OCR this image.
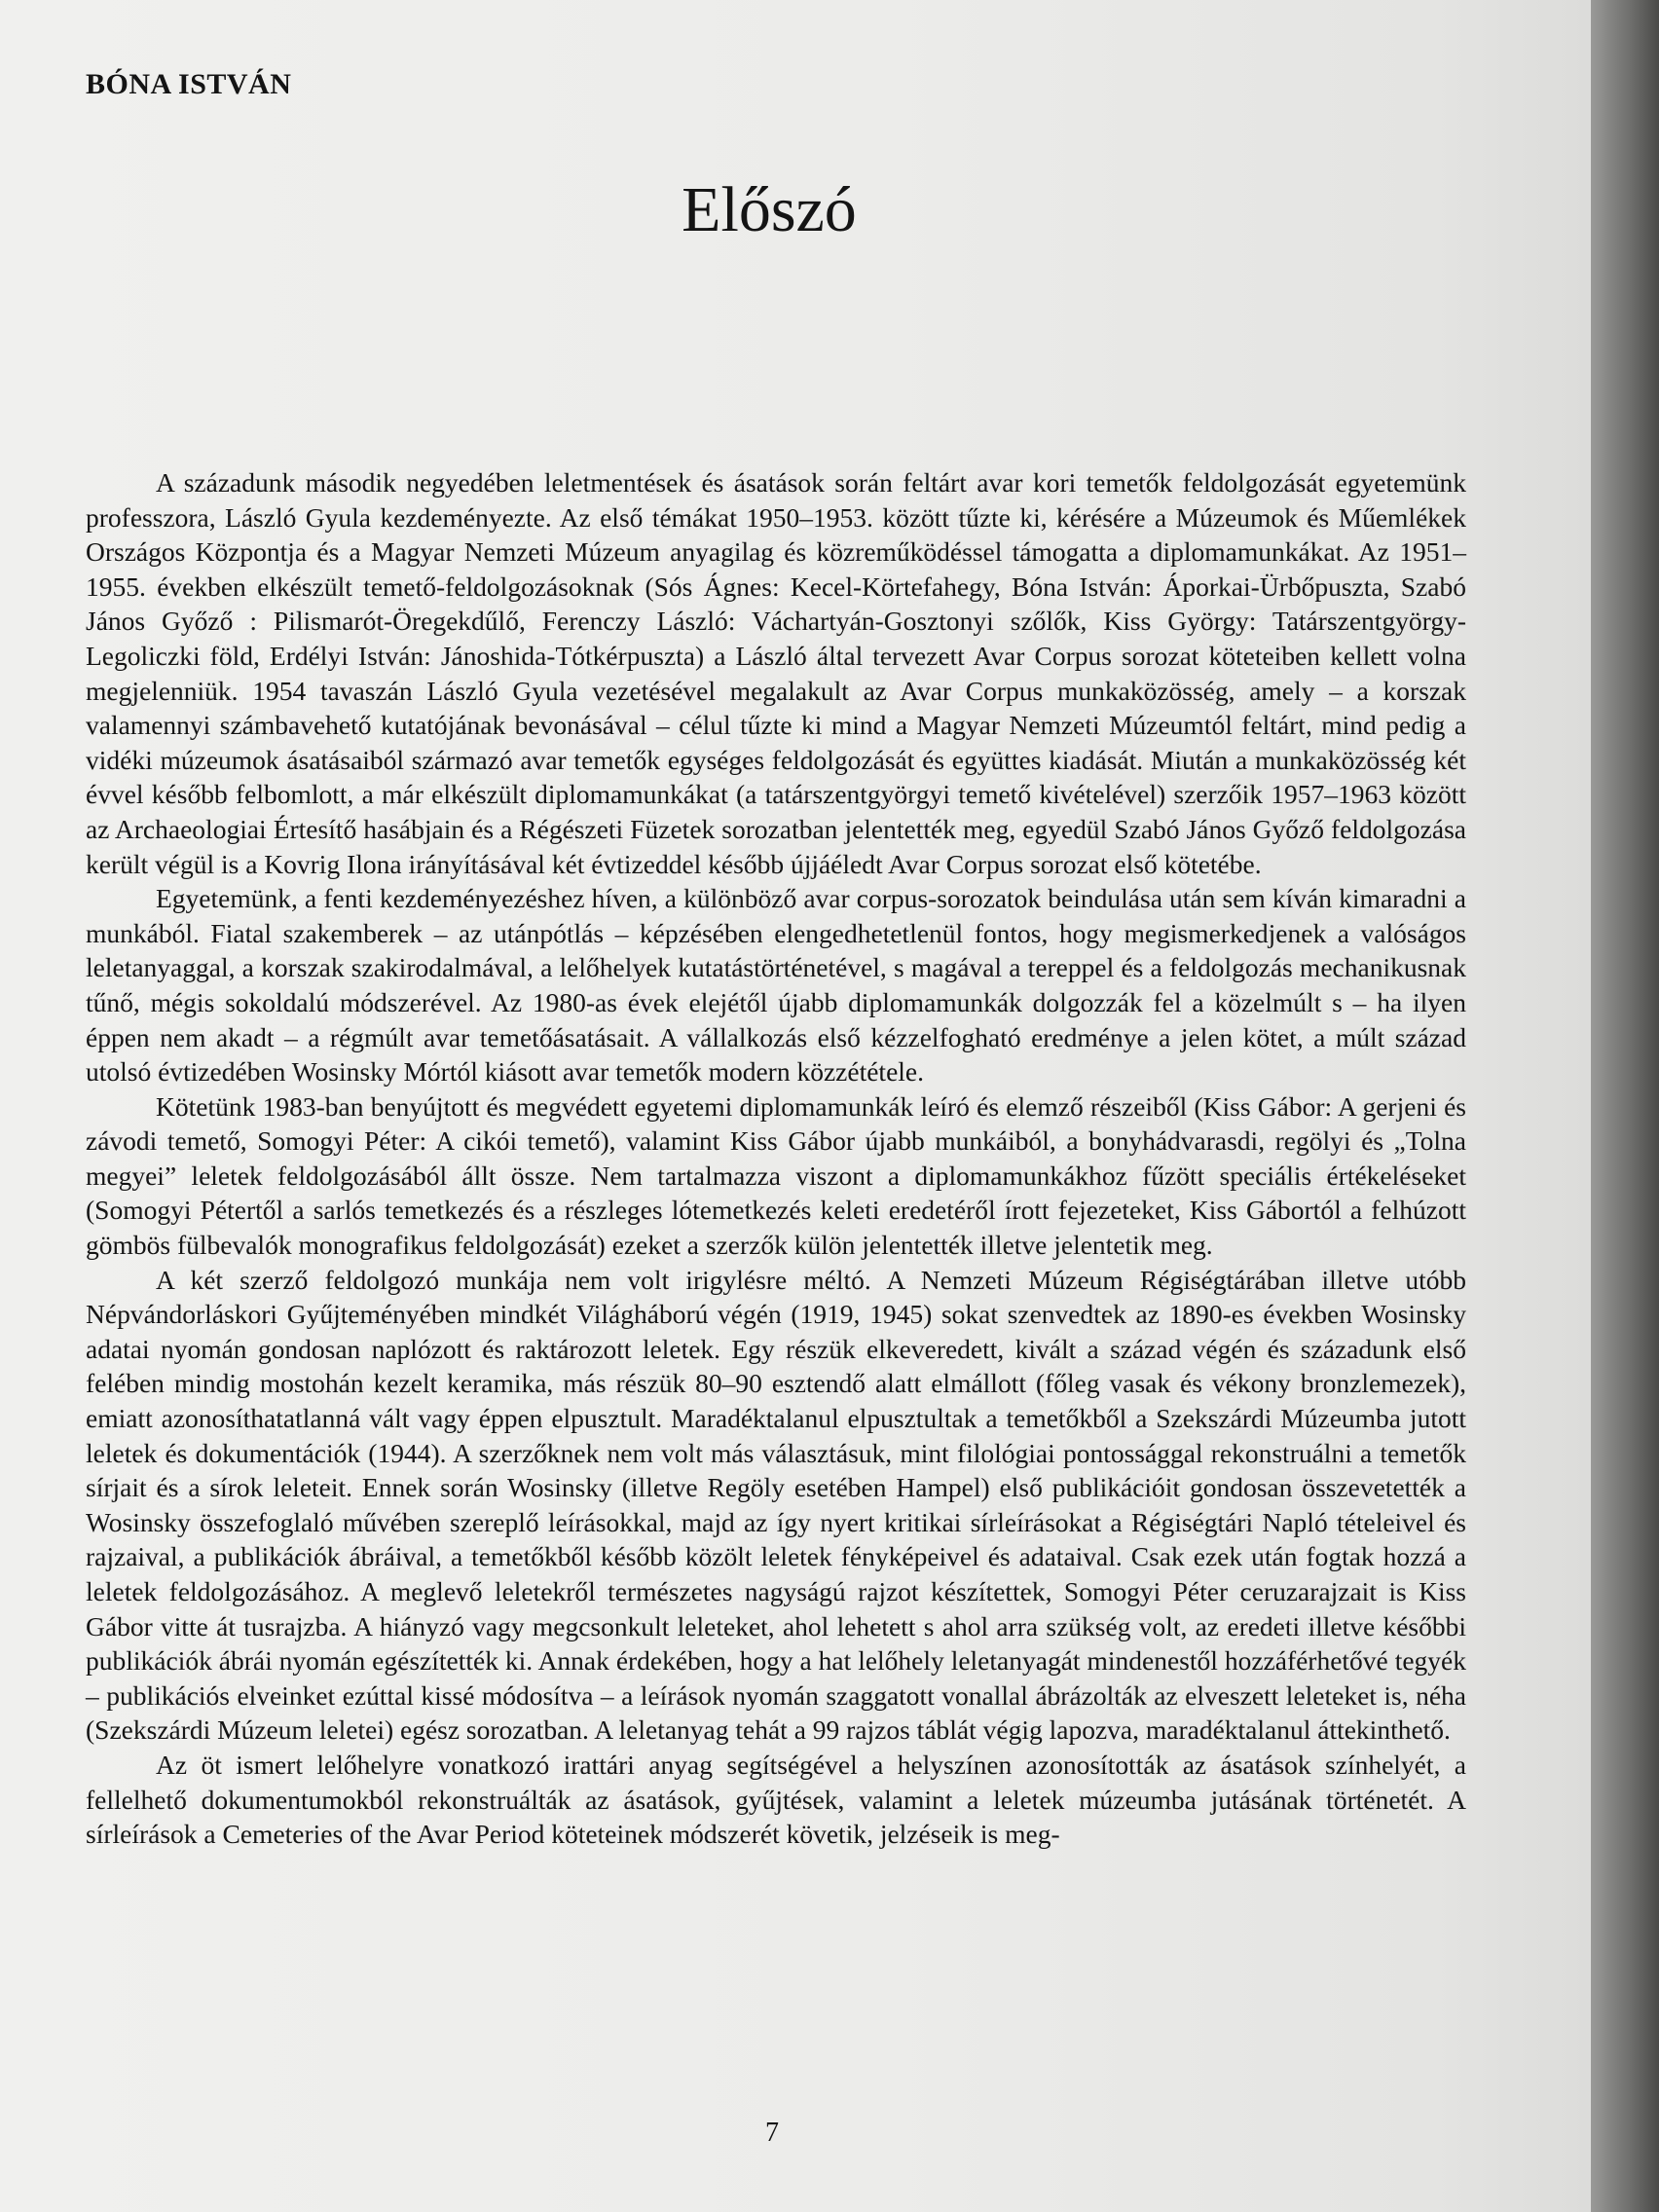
BÓNA ISTVÁN
Előszó

A századunk második negyedében leletmentések és ásatások során feltárt avar kori temetők feldolgozását egyetemünk professzora, László Gyula kezdeményezte. Az első témákat 1950–1953. között tűzte ki, kérésére a Múzeumok és Műemlékek Országos Központja és a Magyar Nemzeti Múzeum anyagilag és közreműködéssel támogatta a diplomamunkákat. Az 1951–1955. években elkészült temető-feldolgozásoknak (Sós Ágnes: Kecel-Körtefahegy, Bóna István: Áporkai-Ürbőpuszta, Szabó János Győző : Pilismarót-Öregekdűlő, Ferenczy László: Váchartyán-Gosztonyi szőlők, Kiss György: Tatárszentgyörgy-Legoliczki föld, Erdélyi István: Jánoshida-Tótkérpuszta) a László által tervezett Avar Corpus sorozat köteteiben kellett volna megjelenniük. 1954 tavaszán László Gyula vezetésével megalakult az Avar Corpus munkaközösség, amely – a korszak valamennyi számbavehető kutatójának bevonásával – célul tűzte ki mind a Magyar Nemzeti Múzeumtól feltárt, mind pedig a vidéki múzeumok ásatásaiból származó avar temetők egységes feldolgozását és együttes kiadását. Miután a munkaközösség két évvel később felbomlott, a már elkészült diplomamunkákat (a tatárszentgyörgyi temető kivételével) szerzőik 1957–1963 között az Archaeologiai Értesítő hasábjain és a Régészeti Füzetek sorozatban jelentették meg, egyedül Szabó János Győző feldolgozása került végül is a Kovrig Ilona irányításával két évtizeddel később újjáéledt Avar Corpus sorozat első kötetébe.

Egyetemünk, a fenti kezdeményezéshez híven, a különböző avar corpus-sorozatok beindulása után sem kíván kimaradni a munkából. Fiatal szakemberek – az utánpótlás – képzésében elengedhetetlenül fontos, hogy megismerkedjenek a valóságos leletanyaggal, a korszak szakirodalmával, a lelőhelyek kutatástörténetével, s magával a tereppel és a feldolgozás mechanikusnak tűnő, mégis sokoldalú módszerével. Az 1980-as évek elejétől újabb diplomamunkák dolgozzák fel a közelmúlt s – ha ilyen éppen nem akadt – a régmúlt avar temetőásatásait. A vállalkozás első kézzelfogható eredménye a jelen kötet, a múlt század utolsó évtizedében Wosinsky Mórtól kiásott avar temetők modern közzététele.

Kötetünk 1983-ban benyújtott és megvédett egyetemi diplomamunkák leíró és elemző részeiből (Kiss Gábor: A gerjeni és závodi temető, Somogyi Péter: A cikói temető), valamint Kiss Gábor újabb munkáiból, a bonyhádvarasdi, regölyi és „Tolna megyei” leletek feldolgozásából állt össze. Nem tartalmazza viszont a diplomamunkákhoz fűzött speciális értékeléseket (Somogyi Pétertől a sarlós temetkezés és a részleges lótemetkezés keleti eredetéről írott fejezeteket, Kiss Gábortól a felhúzott gömbös fülbevalók monografikus feldolgozását) ezeket a szerzők külön jelentették illetve jelentetik meg.

A két szerző feldolgozó munkája nem volt irigylésre méltó. A Nemzeti Múzeum Régiségtárában illetve utóbb Népvándorláskori Gyűjteményében mindkét Világháború végén (1919, 1945) sokat szenvedtek az 1890-es években Wosinsky adatai nyomán gondosan naplózott és raktározott leletek. Egy részük elkeveredett, kivált a század végén és századunk első felében mindig mostohán kezelt keramika, más részük 80–90 esztendő alatt elmállott (főleg vasak és vékony bronzlemezek), emiatt azonosíthatatlanná vált vagy éppen elpusztult. Maradéktalanul elpusztultak a temetőkből a Szekszárdi Múzeumba jutott leletek és dokumentációk (1944). A szerzőknek nem volt más választásuk, mint filológiai pontossággal rekonstruálni a temetők sírjait és a sírok leleteit. Ennek során Wosinsky (illetve Regöly esetében Hampel) első publikációit gondosan összevetették a Wosinsky összefoglaló művében szereplő leírásokkal, majd az így nyert kritikai sírleírásokat a Régiségtári Napló tételeivel és rajzaival, a publikációk ábráival, a temetőkből később közölt leletek fényképeivel és adataival. Csak ezek után fogtak hozzá a leletek feldolgozásához. A meglevő leletekről természetes nagyságú rajzot készítettek, Somogyi Péter ceruzarajzait is Kiss Gábor vitte át tusrajzba. A hiányzó vagy megcsonkult leleteket, ahol lehetett s ahol arra szükség volt, az eredeti illetve későbbi publikációk ábrái nyomán egészítették ki. Annak érdekében, hogy a hat lelőhely leletanyagát mindenestől hozzáférhetővé tegyék – publikációs elveinket ezúttal kissé módosítva – a leírások nyomán szaggatott vonallal ábrázolták az elveszett leleteket is, néha (Szekszárdi Múzeum leletei) egész sorozatban. A leletanyag tehát a 99 rajzos táblát végig lapozva, maradéktalanul áttekinthető.

Az öt ismert lelőhelyre vonatkozó irattári anyag segítségével a helyszínen azonosították az ásatások színhelyét, a fellelhető dokumentumokból rekonstruálták az ásatások, gyűjtések, valamint a leletek múzeumba jutásának történetét. A sírleírások a Cemeteries of the Avar Period köteteinek módszerét követik, jelzéseik is meg-

7
